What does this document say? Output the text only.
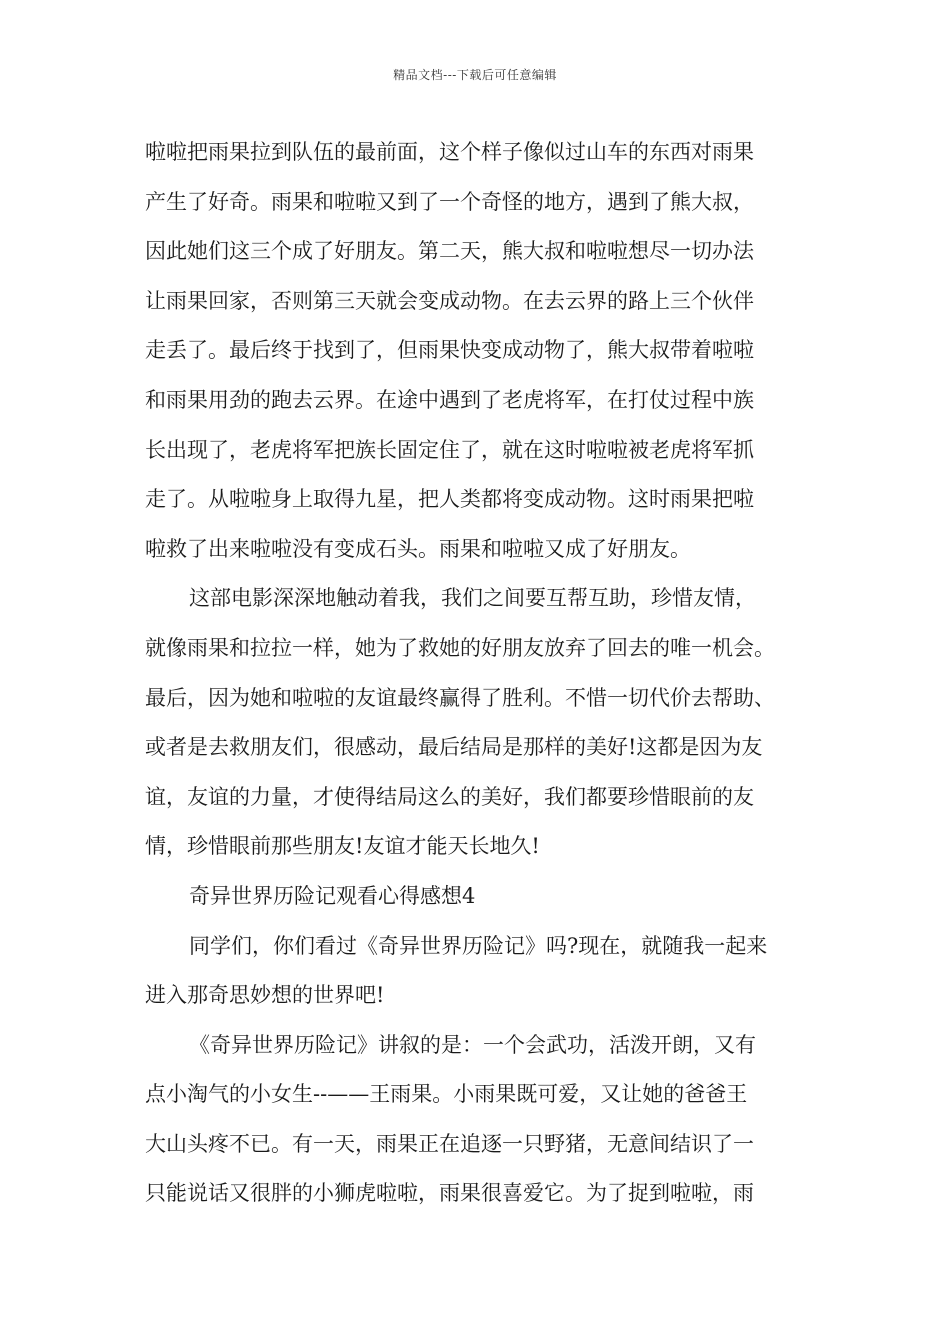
精品文档---下载后可任意编辑
啦啦把雨果拉到队伍的最前面，这个样子像似过山车的东西对雨果
产生了好奇。雨果和啦啦又到了一个奇怪的地方，遇到了熊大叔，
因此她们这三个成了好朋友。第二天，熊大叔和啦啦想尽一切办法
让雨果回家，否则第三天就会变成动物。在去云界的路上三个伙伴
走丢了。最后终于找到了，但雨果快变成动物了，熊大叔带着啦啦
和雨果用劲的跑去云界。在途中遇到了老虎将军，在打仗过程中族
长出现了，老虎将军把族长固定住了，就在这时啦啦被老虎将军抓
走了。从啦啦身上取得九星，把人类都将变成动物。这时雨果把啦
啦救了出来啦啦没有变成石头。雨果和啦啦又成了好朋友。
这部电影深深地触动着我，我们之间要互帮互助，珍惜友情，
就像雨果和拉拉一样，她为了救她的好朋友放弃了回去的唯一机会。
最后，因为她和啦啦的友谊最终赢得了胜利。不惜一切代价去帮助、
或者是去救朋友们，很感动，最后结局是那样的美好!这都是因为友
谊，友谊的力量，才使得结局这么的美好，我们都要珍惜眼前的友
情，珍惜眼前那些朋友!友谊才能天长地久!
奇异世界历险记观看心得感想4
同学们，你们看过《奇异世界历险记》吗?现在，就随我一起来
进入那奇思妙想的世界吧!
《奇异世界历险记》讲叙的是：一个会武功，活泼开朗，又有
点小淘气的小女生--——王雨果。小雨果既可爱，又让她的爸爸王
大山头疼不已。有一天，雨果正在追逐一只野猪，无意间结识了一
只能说话又很胖的小狮虎啦啦，雨果很喜爱它。为了捉到啦啦，雨
